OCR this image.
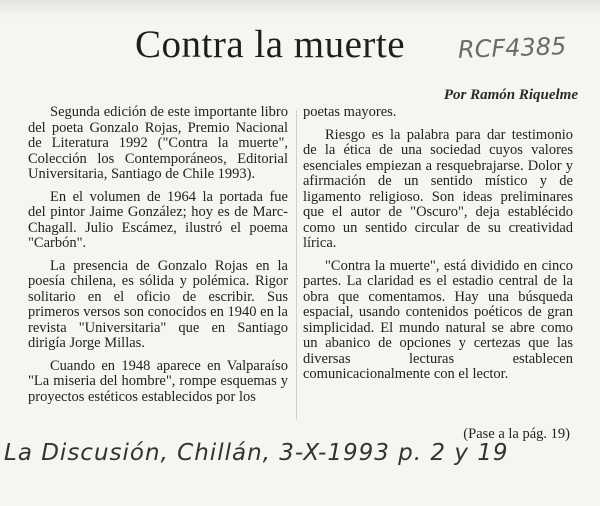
Contra la muerte RCF4385
Por Ramón Riquelme

Segunda edición de este importante libro del poeta Gonzalo Rojas, Premio Nacional de Literatura 1992 ("Contra la muerte", Colección los Contemporáneos, Editorial Universitaria, Santiago de Chile 1993).

En el volumen de 1964 la portada fue del pintor Jaime González; hoy es de Marc-Chagall. Julio Escámez, ilustró el poema "Carbón".

La presencia de Gonzalo Rojas en la poesía chilena, es sólida y polémica. Rigor solitario en el oficio de escribir. Sus primeros versos son conocidos en 1940 en la revista "Universitaria" que en Santiago dirigía Jorge Millas.

Cuando en 1948 aparece en Valparaíso "La miseria del hombre", rompe esquemas y proyectos estéticos establecidos por los

poetas mayores.

Riesgo es la palabra para dar testimonio de la ética de una sociedad cuyos valores esenciales empiezan a resquebrajarse. Dolor y afirmación de un sentido místico y de ligamento religioso. Son ideas preliminares que el autor de "Oscuro", deja establécido como un sentido circular de su creatividad lírica.

"Contra la muerte", está dividido en cinco partes. La claridad es el estadio central de la obra que comentamos. Hay una búsqueda espacial, usando contenidos poéticos de gran simplicidad. El mundo natural se abre como un abanico de opciones y certezas que las diversas lecturas establecen comunicacionalmente con el lector.

(Pase a la pág. 19)
La Discusión, Chillán, 3-X-1993 p. 2 y 19
